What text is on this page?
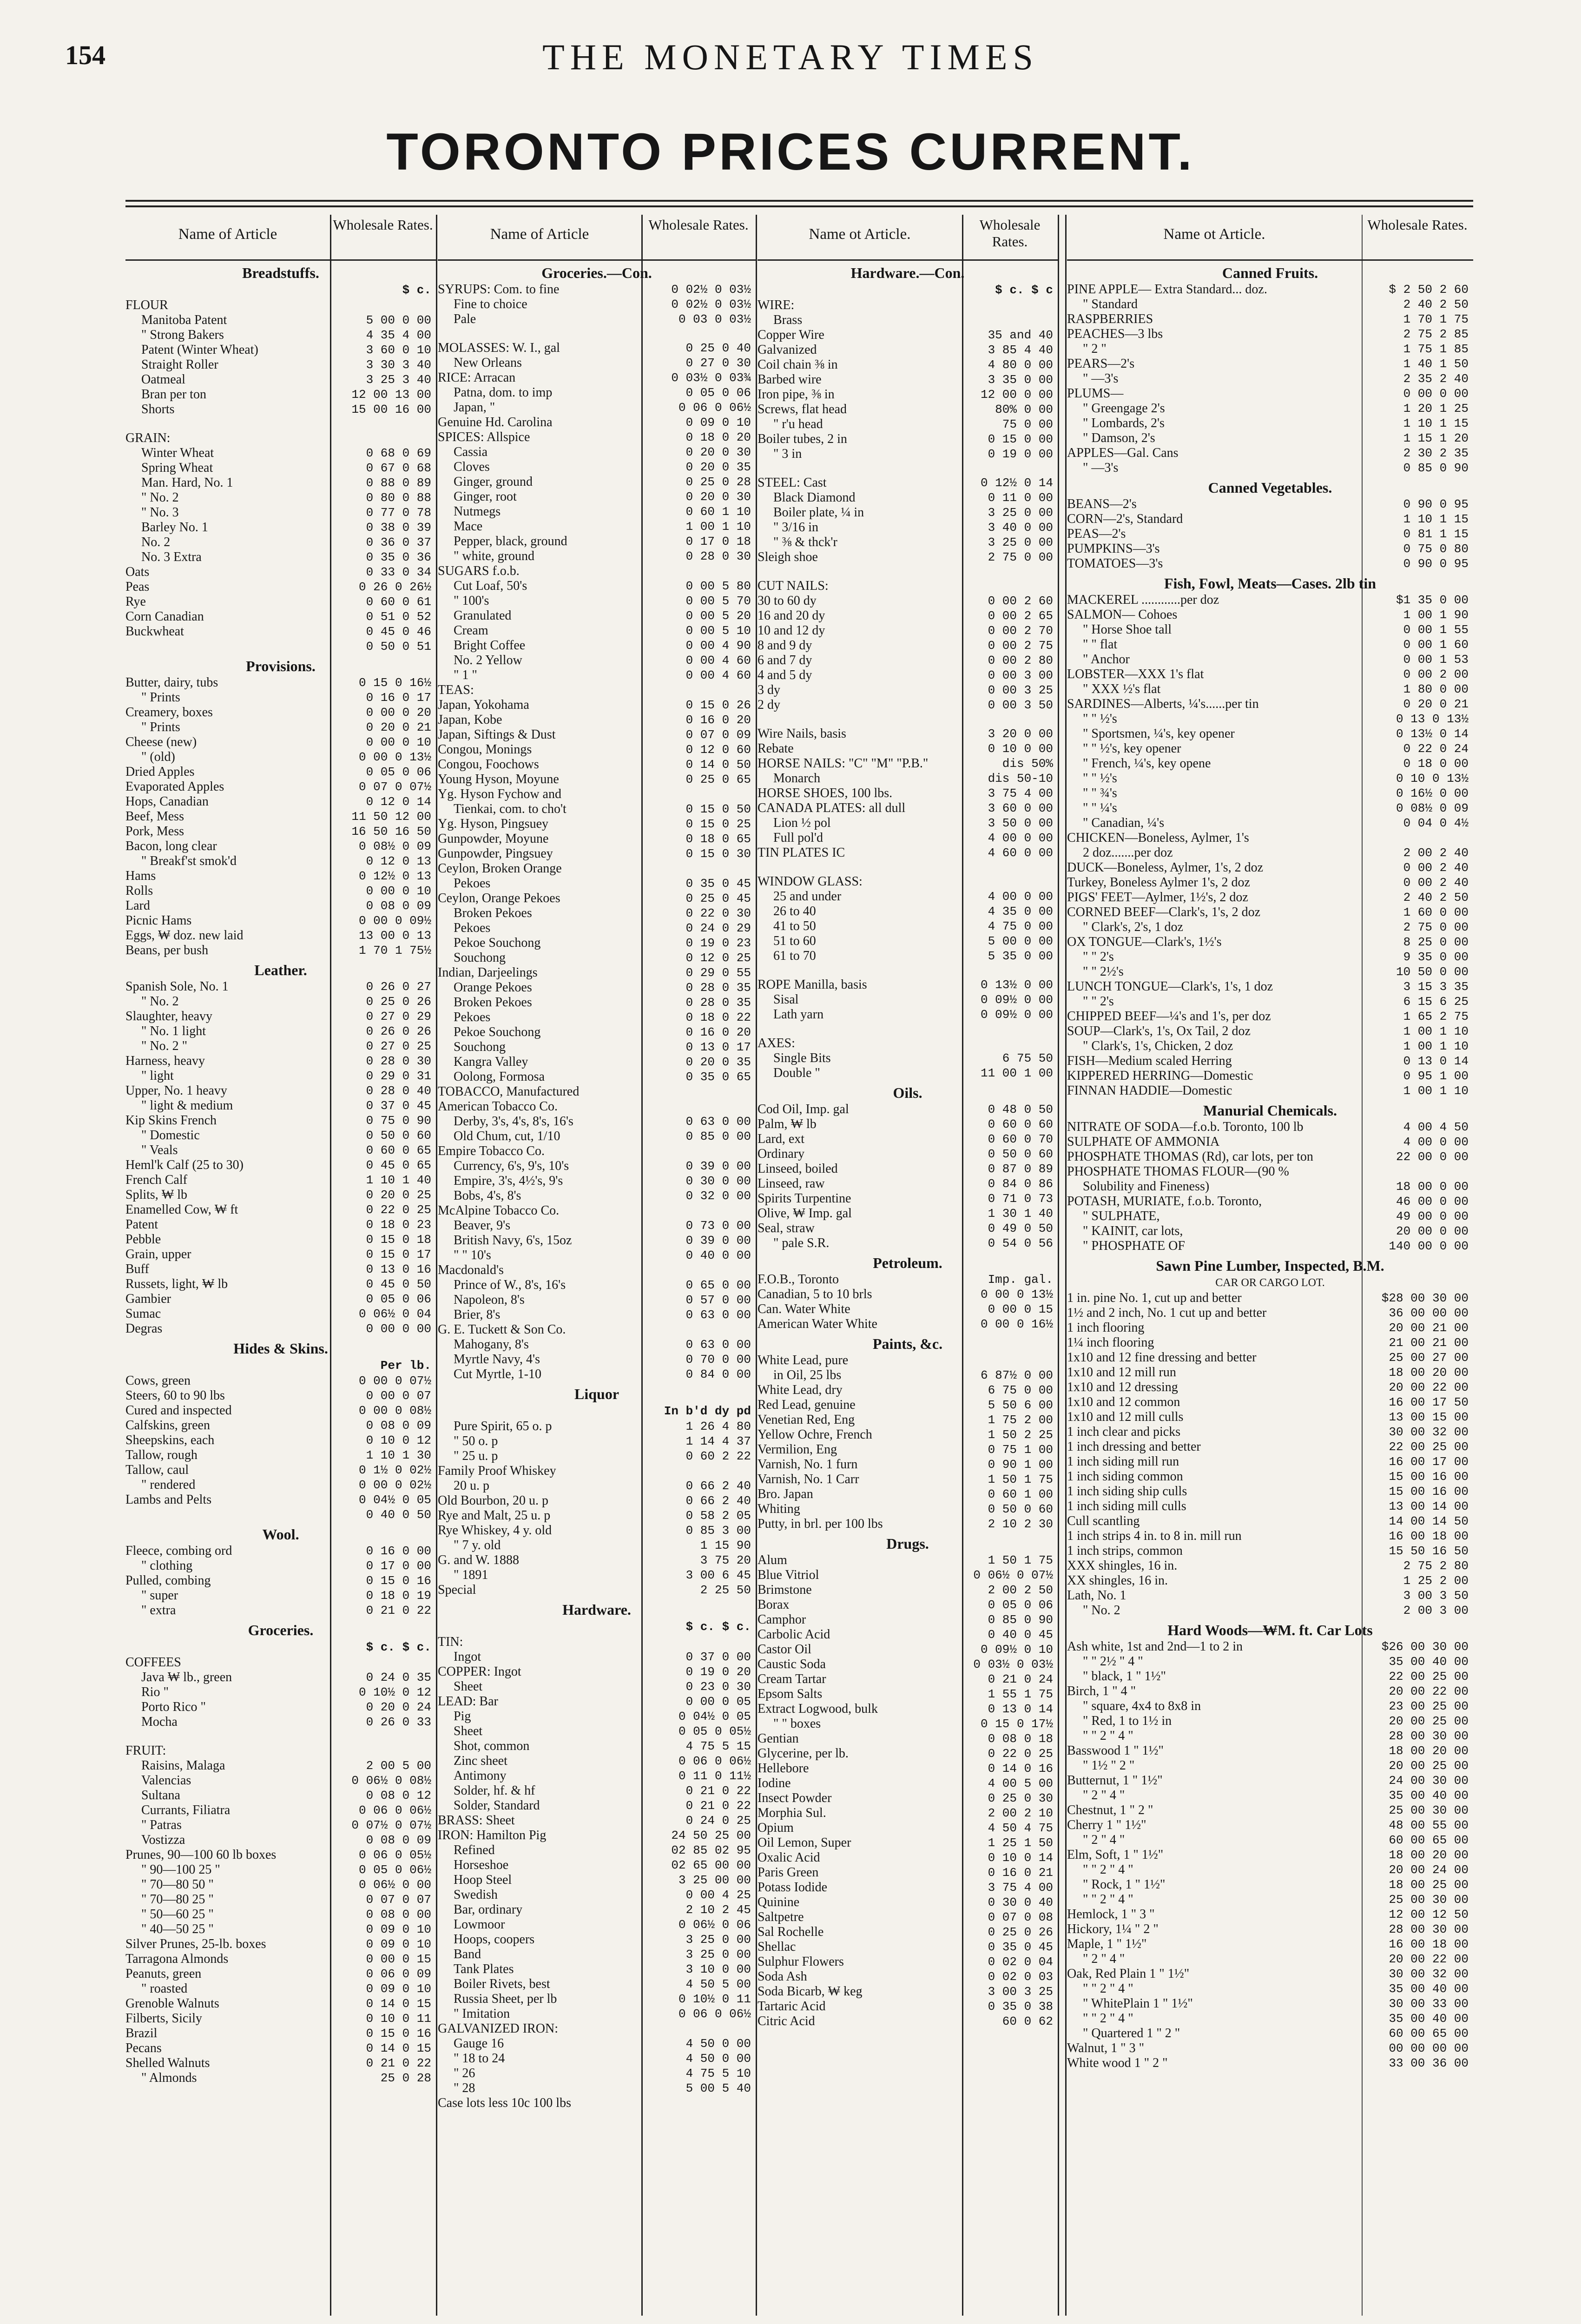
154	THE MONETARY TIMES
TORONTO PRICES CURRENT.
Name of Article
Wholesale Rates.
Breadstuffs.
$ c.
FLOUR
Manitoba Patent	5 00 0 00
" Strong Bakers	4 35 4 00
Patent (Winter Wheat)	3 60 0 10
Straight Roller	3 30 3 40
Oatmeal	3 25 3 40
Bran per ton	12 00 13 00
Shorts	15 00 16 00
GRAIN:
Winter Wheat	0 68 0 69
Spring Wheat	0 67 0 68
Man. Hard, No. 1	0 88 0 89
" No. 2	0 80 0 88
" No. 3	0 77 0 78
Barley No. 1	0 38 0 39
No. 2	0 36 0 37
No. 3 Extra	0 35 0 36
Oats	0 33 0 34
Peas	0 26 0 26½
Rye	0 60 0 61
Corn Canadian	0 51 0 52
Buckwheat	0 45 0 46
0 50 0 51
Provisions.
Butter, dairy, tubs	0 15 0 16½
" Prints	0 16 0 17
Creamery, boxes	0 00 0 20
" Prints	0 20 0 21
Cheese (new)	0 00 0 10
" (old)	0 00 0 13½
Dried Apples	0 05 0 06
Evaporated Apples	0 07 0 07½
Hops, Canadian	0 12 0 14
Beef, Mess	11 50 12 00
Pork, Mess	16 50 16 50
Bacon, long clear	0 08½ 0 09
" Breakf'st smok'd	0 12 0 13
Hams	0 12½ 0 13
Rolls	0 00 0 10
Lard	0 08 0 09
Picnic Hams	0 00 0 09½
Eggs, ₩ doz. new laid	13 00 0 13
Beans, per bush	1 70 1 75½
Leather.
Spanish Sole, No. 1	0 26 0 27
" No. 2	0 25 0 26
Slaughter, heavy	0 27 0 29
" No. 1 light	0 26 0 26
" No. 2 "	0 27 0 25
Harness, heavy	0 28 0 30
" light	0 29 0 31
Upper, No. 1 heavy	0 28 0 40
" light & medium	0 37 0 45
Kip Skins French	0 75 0 90
" Domestic	0 50 0 60
" Veals	0 60 0 65
Heml'k Calf (25 to 30)	0 45 0 65
French Calf	1 10 1 40
Splits, ₩ lb	0 20 0 25
Enamelled Cow, ₩ ft	0 22 0 25
Patent	0 18 0 23
Pebble	0 15 0 18
Grain, upper	0 15 0 17
Buff	0 13 0 16
Russets, light, ₩ lb	0 45 0 50
Gambier	0 05 0 06
Sumac	0 06½ 0 04
Degras	0 00 0 00
Hides & Skins.
Per lb.
Cows, green	0 00 0 07½
Steers, 60 to 90 lbs	0 00 0 07
Cured and inspected	0 00 0 08½
Calfskins, green	0 08 0 09
Sheepskins, each	0 10 0 12
Tallow, rough	1 10 1 30
Tallow, caul	0 1½ 0 02½
" rendered	0 00 0 02½
Lambs and Pelts	0 04½ 0 05
0 40 0 50
Wool.
Fleece, combing ord	0 16 0 00
" clothing	0 17 0 00
Pulled, combing	0 15 0 16
" super	0 18 0 19
" extra	0 21 0 22
Groceries.
$ c. $ c.
COFFEES
Java ₩ lb., green	0 24 0 35
Rio "	0 10½ 0 12
Porto Rico "	0 20 0 24
Mocha	0 26 0 33
FRUIT:
Raisins, Malaga	2 00 5 00
Valencias	0 06½ 0 08½
Sultana	0 08 0 12
Currants, Filiatra	0 06 0 06½
" Patras	0 07½ 0 07½
Vostizza	0 08 0 09
Prunes, 90—100 60 lb boxes	0 06 0 05½
" 90—100 25 "	0 05 0 06½
" 70—80 50 "	0 06½ 0 00
" 70—80 25 "	0 07 0 07
" 50—60 25 "	0 08 0 00
" 40—50 25 "	0 09 0 10
Silver Prunes, 25-lb. boxes	0 09 0 10
Tarragona Almonds	0 00 0 15
Peanuts, green	0 06 0 09
" roasted	0 09 0 10
Grenoble Walnuts	0 14 0 15
Filberts, Sicily	0 10 0 11
Brazil	0 15 0 16
Pecans	0 14 0 15
Shelled Walnuts	0 21 0 22
" Almonds	25 0 28
Name of Article
Wholesale Rates.
Groceries.—Con.
SYRUPS: Com. to fine	0 02½ 0 03½
Fine to choice	0 02½ 0 03½
Pale	0 03 0 03½
MOLASSES: W. I., gal	0 25 0 40
New Orleans	0 27 0 30
RICE: Arracan	0 03½ 0 03¾
Patna, dom. to imp	0 05 0 06
Japan, "	0 06 0 06½
Genuine Hd. Carolina	0 09 0 10
SPICES: Allspice	0 18 0 20
Cassia	0 20 0 30
Cloves	0 20 0 35
Ginger, ground	0 25 0 28
Ginger, root	0 20 0 30
Nutmegs	0 60 1 10
Mace	1 00 1 10
Pepper, black, ground	0 17 0 18
" white, ground	0 28 0 30
SUGARS f.o.b.
Cut Loaf, 50's	0 00 5 80
" 100's	0 00 5 70
Granulated	0 00 5 20
Cream	0 00 5 10
Bright Coffee	0 00 4 90
No. 2 Yellow	0 00 4 60
" 1 "	0 00 4 60
TEAS:
Japan, Yokohama	0 15 0 26
Japan, Kobe	0 16 0 20
Japan, Siftings & Dust	0 07 0 09
Congou, Monings	0 12 0 60
Congou, Foochows	0 14 0 50
Young Hyson, Moyune	0 25 0 65
Yg. Hyson Fychow and
Tienkai, com. to cho't	0 15 0 50
Yg. Hyson, Pingsuey	0 15 0 25
Gunpowder, Moyune	0 18 0 65
Gunpowder, Pingsuey	0 15 0 30
Ceylon, Broken Orange
Pekoes	0 35 0 45
Ceylon, Orange Pekoes	0 25 0 45
Broken Pekoes	0 22 0 30
Pekoes	0 24 0 29
Pekoe Souchong	0 19 0 23
Souchong	0 12 0 25
Indian, Darjeelings	0 29 0 55
Orange Pekoes	0 28 0 35
Broken Pekoes	0 28 0 35
Pekoes	0 18 0 22
Pekoe Souchong	0 16 0 20
Souchong	0 13 0 17
Kangra Valley	0 20 0 35
Oolong, Formosa	0 35 0 65
TOBACCO, Manufactured
American Tobacco Co.
Derby, 3's, 4's, 8's, 16's	0 63 0 00
Old Chum, cut, 1/10	0 85 0 00
Empire Tobacco Co.
Currency, 6's, 9's, 10's	0 39 0 00
Empire, 3's, 4½'s, 9's	0 30 0 00
Bobs, 4's, 8's	0 32 0 00
McAlpine Tobacco Co.
Beaver, 9's	0 73 0 00
British Navy, 6's, 15oz	0 39 0 00
" " 10's	0 40 0 00
Macdonald's
Prince of W., 8's, 16's	0 65 0 00
Napoleon, 8's	0 57 0 00
Brier, 8's	0 63 0 00
G. E. Tuckett & Son Co.
Mahogany, 8's	0 63 0 00
Myrtle Navy, 4's	0 70 0 00
Cut Myrtle, 1-10	0 84 0 00
Liquor
In b'd dy pd
Pure Spirit, 65 o. p	1 26 4 80
" 50 o. p	1 14 4 37
" 25 u. p	0 60 2 22
Family Proof Whiskey
20 u. p	0 66 2 40
Old Bourbon, 20 u. p	0 66 2 40
Rye and Malt, 25 u. p	0 58 2 05
Rye Whiskey, 4 y. old	0 85 3 00
" 7 y. old	1 15 90
G. and W. 1888	3 75 20
" 1891	3 00 6 45
Special	2 25 50
Hardware.
$ c. $ c.
TIN:
Ingot	0 37 0 00
COPPER: Ingot	0 19 0 20
Sheet	0 23 0 30
LEAD: Bar	0 00 0 05
Pig	0 04½ 0 05
Sheet	0 05 0 05½
Shot, common	4 75 5 15
Zinc sheet	0 06 0 06½
Antimony	0 11 0 11½
Solder, hf. & hf	0 21 0 22
Solder, Standard	0 21 0 22
BRASS: Sheet	0 24 0 25
IRON: Hamilton Pig	24 50 25 00
Refined	02 85 02 95
Horseshoe	02 65 00 00
Hoop Steel	3 25 00 00
Swedish	0 00 4 25
Bar, ordinary	2 10 2 45
Lowmoor	0 06½ 0 06
Hoops, coopers	3 25 0 00
Band	3 25 0 00
Tank Plates	3 10 0 00
Boiler Rivets, best	4 50 5 00
Russia Sheet, per lb	0 10½ 0 11
" Imitation	0 06 0 06½
GALVANIZED IRON:
Gauge 16	4 50 0 00
" 18 to 24	4 50 0 00
" 26	4 75 5 10
" 28	5 00 5 40
Case lots less 10c 100 lbs
Name ot Article.
Wholesale Rates.
Hardware.—Con.
$ c. $ c
WIRE:
Brass
Copper Wire	35 and 40
Galvanized	3 85 4 40
Coil chain ⅜ in	4 80 0 00
Barbed wire	3 35 0 00
Iron pipe, ⅜ in	12 00 0 00
Screws, flat head	80% 0 00
" r'u head	75 0 00
Boiler tubes, 2 in	0 15 0 00
" 3 in	0 19 0 00
STEEL: Cast	0 12½ 0 14
Black Diamond	0 11 0 00
Boiler plate, ¼ in	3 25 0 00
" 3/16 in	3 40 0 00
" ⅜ & thck'r	3 25 0 00
Sleigh shoe	2 75 0 00
CUT NAILS:
30 to 60 dy	0 00 2 60
16 and 20 dy	0 00 2 65
10 and 12 dy	0 00 2 70
8 and 9 dy	0 00 2 75
6 and 7 dy	0 00 2 80
4 and 5 dy	0 00 3 00
3 dy	0 00 3 25
2 dy	0 00 3 50
Wire Nails, basis	3 20 0 00
Rebate	0 10 0 00
HORSE NAILS: "C" "M" "P.B."	dis 50%
Monarch	dis 50-10
HORSE SHOES, 100 lbs.	3 75 4 00
CANADA PLATES: all dull	3 60 0 00
Lion ½ pol	3 50 0 00
Full pol'd	4 00 0 00
TIN PLATES IC	4 60 0 00
WINDOW GLASS:
25 and under	4 00 0 00
26 to 40	4 35 0 00
41 to 50	4 75 0 00
51 to 60	5 00 0 00
61 to 70	5 35 0 00
ROPE Manilla, basis	0 13½ 0 00
Sisal	0 09½ 0 00
Lath yarn	0 09½ 0 00
AXES:
Single Bits	6 75 50
Double "	11 00 1 00
Oils.
Cod Oil, Imp. gal	0 48 0 50
Palm, ₩ lb	0 60 0 60
Lard, ext	0 60 0 70
Ordinary	0 50 0 60
Linseed, boiled	0 87 0 89
Linseed, raw	0 84 0 86
Spirits Turpentine	0 71 0 73
Olive, ₩ Imp. gal	1 30 1 40
Seal, straw	0 49 0 50
" pale S.R.	0 54 0 56
Petroleum.
F.O.B., Toronto	Imp. gal.
Canadian, 5 to 10 brls	0 00 0 13½
Can. Water White	0 00 0 15
American Water White	0 00 0 16½
Paints, &c.
White Lead, pure
in Oil, 25 lbs	6 87½ 0 00
White Lead, dry	6 75 0 00
Red Lead, genuine	5 50 6 00
Venetian Red, Eng	1 75 2 00
Yellow Ochre, French	1 50 2 25
Vermilion, Eng	0 75 1 00
Varnish, No. 1 furn	0 90 1 00
Varnish, No. 1 Carr	1 50 1 75
Bro. Japan	0 60 1 00
Whiting	0 50 0 60
Putty, in brl. per 100 lbs	2 10 2 30
Drugs.
Alum	1 50 1 75
Blue Vitriol	0 06½ 0 07½
Brimstone	2 00 2 50
Borax	0 05 0 06
Camphor	0 85 0 90
Carbolic Acid	0 40 0 45
Castor Oil	0 09½ 0 10
Caustic Soda	0 03½ 0 03½
Cream Tartar	0 21 0 24
Epsom Salts	1 55 1 75
Extract Logwood, bulk	0 13 0 14
" " boxes	0 15 0 17½
Gentian	0 08 0 18
Glycerine, per lb.	0 22 0 25
Hellebore	0 14 0 16
Iodine	4 00 5 00
Insect Powder	0 25 0 30
Morphia Sul.	2 00 2 10
Opium	4 50 4 75
Oil Lemon, Super	1 25 1 50
Oxalic Acid	0 10 0 14
Paris Green	0 16 0 21
Potass Iodide	3 75 4 00
Quinine	0 30 0 40
Saltpetre	0 07 0 08
Sal Rochelle	0 25 0 26
Shellac	0 35 0 45
Sulphur Flowers	0 02 0 04
Soda Ash	0 02 0 03
Soda Bicarb, ₩ keg	3 00 3 25
Tartaric Acid	0 35 0 38
Citric Acid	60 0 62
Name ot Article.
Wholesale Rates.
Canned Fruits.
PINE APPLE— Extra Standard... doz.	$ 2 50 2 60
" Standard	2 40 2 50
RASPBERRIES	1 70 1 75
PEACHES—3 lbs	2 75 2 85
" 2 "	1 75 1 85
PEARS—2's	1 40 1 50
" —3's	2 35 2 40
PLUMS—	0 00 0 00
" Greengage 2's	1 20 1 25
" Lombards, 2's	1 10 1 15
" Damson, 2's	1 15 1 20
APPLES—Gal. Cans	2 30 2 35
" —3's	0 85 0 90
Canned Vegetables.
BEANS—2's	0 90 0 95
CORN—2's, Standard	1 10 1 15
PEAS—2's	0 81 1 15
PUMPKINS—3's	0 75 0 80
TOMATOES—3's	0 90 0 95
Fish, Fowl, Meats—Cases. 2lb tin
MACKEREL ............per doz	$1 35 0 00
SALMON— Cohoes	1 00 1 90
" Horse Shoe tall	0 00 1 55
" " flat	0 00 1 60
" Anchor	0 00 1 53
LOBSTER—XXX 1's flat	0 00 2 00
" XXX ½'s flat	1 80 0 00
SARDINES—Alberts, ¼'s......per tin	0 20 0 21
" " ½'s	0 13 0 13½
" Sportsmen, ¼'s, key opener	0 13½ 0 14
" " ½'s, key opener	0 22 0 24
" French, ¼'s, key opene	0 18 0 00
" " ½'s	0 10 0 13½
" " ¾'s	0 16½ 0 00
" " ¼'s	0 08½ 0 09
" Canadian, ¼'s	0 04 0 4½
CHICKEN—Boneless, Aylmer, 1's
2 doz.......per doz	2 00 2 40
DUCK—Boneless, Aylmer, 1's, 2 doz	0 00 2 40
Turkey, Boneless Aylmer 1's, 2 doz	0 00 2 40
PIGS' FEET—Aylmer, 1½'s, 2 doz	2 40 2 50
CORNED BEEF—Clark's, 1's, 2 doz	1 60 0 00
" Clark's, 2's, 1 doz	2 75 0 00
OX TONGUE—Clark's, 1½'s	8 25 0 00
" " 2's	9 35 0 00
" " 2½'s	10 50 0 00
LUNCH TONGUE—Clark's, 1's, 1 doz	3 15 3 35
" " 2's	6 15 6 25
CHIPPED BEEF—¼'s and 1's, per doz	1 65 2 75
SOUP—Clark's, 1's, Ox Tail, 2 doz	1 00 1 10
" Clark's, 1's, Chicken, 2 doz	1 00 1 10
FISH—Medium scaled Herring	0 13 0 14
KIPPERED HERRING—Domestic	0 95 1 00
FINNAN HADDIE—Domestic	1 00 1 10
Manurial Chemicals.
NITRATE OF SODA—f.o.b. Toronto, 100 lb	4 00 4 50
SULPHATE OF AMMONIA	4 00 0 00
PHOSPHATE THOMAS (Rd), car lots, per ton	22 00 0 00
PHOSPHATE THOMAS FLOUR—(90 %
Solubility and Fineness)	18 00 0 00
POTASH, MURIATE, f.o.b. Toronto,	46 00 0 00
" SULPHATE,	49 00 0 00
" KAINIT, car lots,	20 00 0 00
" PHOSPHATE OF	140 00 0 00
Sawn Pine Lumber, Inspected, B.M.
CAR OR CARGO LOT.
1 in. pine No. 1, cut up and better	$28 00 30 00
1½ and 2 inch, No. 1 cut up and better	36 00 00 00
1 inch flooring	20 00 21 00
1¼ inch flooring	21 00 21 00
1x10 and 12 fine dressing and better	25 00 27 00
1x10 and 12 mill run	18 00 20 00
1x10 and 12 dressing	20 00 22 00
1x10 and 12 common	16 00 17 50
1x10 and 12 mill culls	13 00 15 00
1 inch clear and picks	30 00 32 00
1 inch dressing and better	22 00 25 00
1 inch siding mill run	16 00 17 00
1 inch siding common	15 00 16 00
1 inch siding ship culls	15 00 16 00
1 inch siding mill culls	13 00 14 00
Cull scantling	14 00 14 50
1 inch strips 4 in. to 8 in. mill run	16 00 18 00
1 inch strips, common	15 50 16 50
XXX shingles, 16 in.	2 75 2 80
XX shingles, 16 in.	1 25 2 00
Lath, No. 1	3 00 3 50
" No. 2	2 00 3 00
Hard Woods—₩M. ft. Car Lots
Ash white, 1st and 2nd—1 to 2 in	$26 00 30 00
" " 2½ " 4 "	35 00 40 00
" black, 1 " 1½"	22 00 25 00
Birch, 1 " 4 "	20 00 22 00
" square, 4x4 to 8x8 in	23 00 25 00
" Red, 1 to 1½ in	20 00 25 00
" " 2 " 4 "	28 00 30 00
Basswood 1 " 1½"	18 00 20 00
" 1½ " 2 "	20 00 25 00
Butternut, 1 " 1½"	24 00 30 00
" 2 " 4 "	35 00 40 00
Chestnut, 1 " 2 "	25 00 30 00
Cherry 1 " 1½"	48 00 55 00
" 2 " 4 "	60 00 65 00
Elm, Soft, 1 " 1½"	18 00 20 00
" " 2 " 4 "	20 00 24 00
" Rock, 1 " 1½"	18 00 25 00
" " 2 " 4 "	25 00 30 00
Hemlock, 1 " 3 "	12 00 12 50
Hickory, 1¼ " 2 "	28 00 30 00
Maple, 1 " 1½"	16 00 18 00
" 2 " 4 "	20 00 22 00
Oak, Red Plain 1 " 1½"	30 00 32 00
" " 2 " 4 "	35 00 40 00
" WhitePlain 1 " 1½"	30 00 33 00
" " 2 " 4 "	35 00 40 00
" Quartered 1 " 2 "	60 00 65 00
Walnut, 1 " 3 "	00 00 00 00
White wood 1 " 2 "	33 00 36 00
